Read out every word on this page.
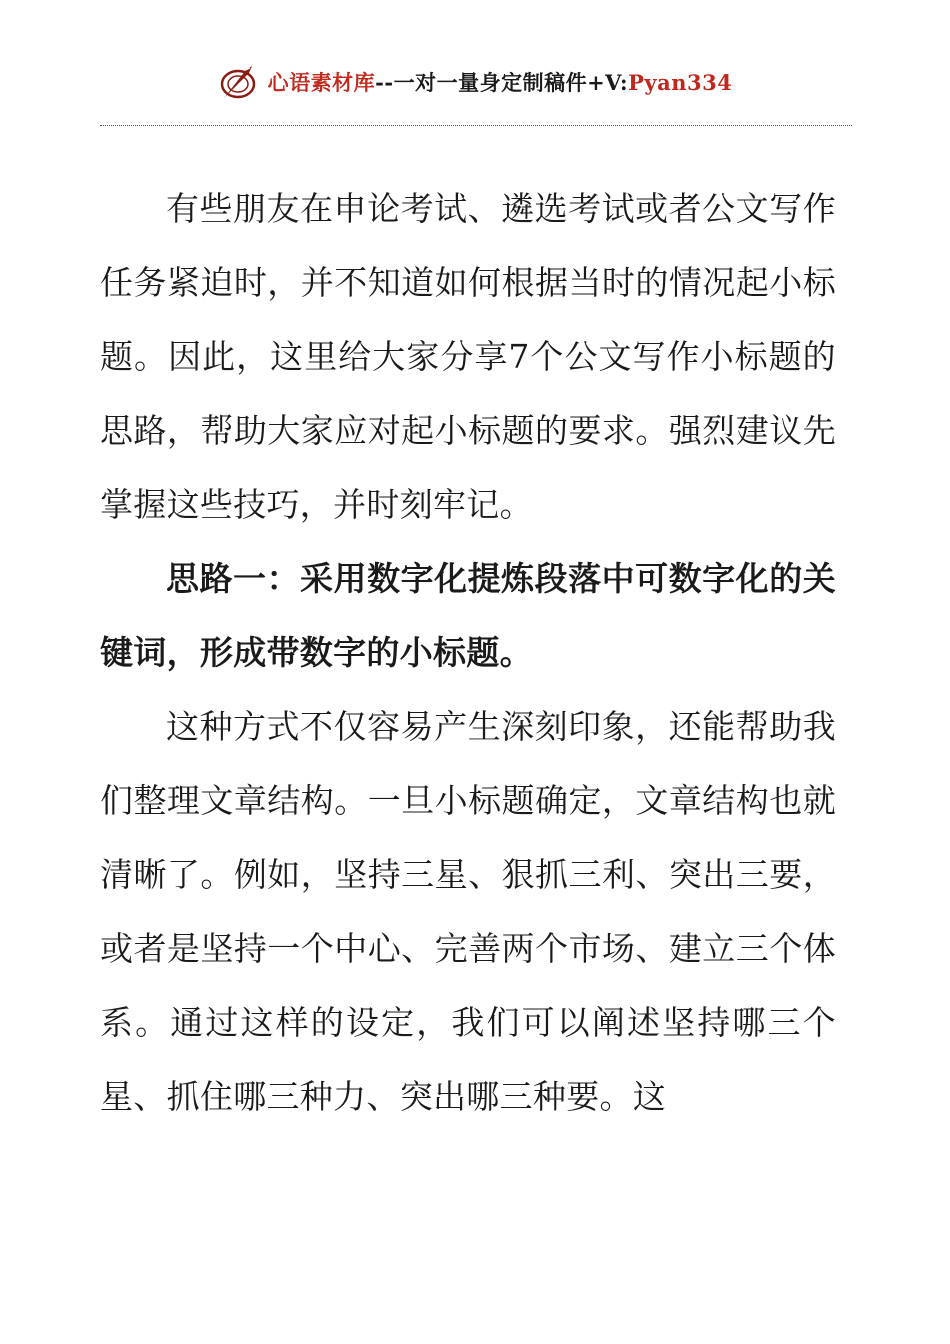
心语素材库--一对一量身定制稿件+V:Pyan334

有些朋友在申论考试、遴选考试或者公文写作任务紧迫时，并不知道如何根据当时的情况起小标题。因此，这里给大家分享7个公文写作小标题的思路，帮助大家应对起小标题的要求。强烈建议先掌握这些技巧，并时刻牢记。

思路一：采用数字化提炼段落中可数字化的关键词，形成带数字的小标题。

这种方式不仅容易产生深刻印象，还能帮助我们整理文章结构。一旦小标题确定，文章结构也就清晰了。例如，坚持三星、狠抓三利、突出三要，或者是坚持一个中心、完善两个市场、建立三个体系。通过这样的设定，我们可以阐述坚持哪三个星、抓住哪三种力、突出哪三种要。这
